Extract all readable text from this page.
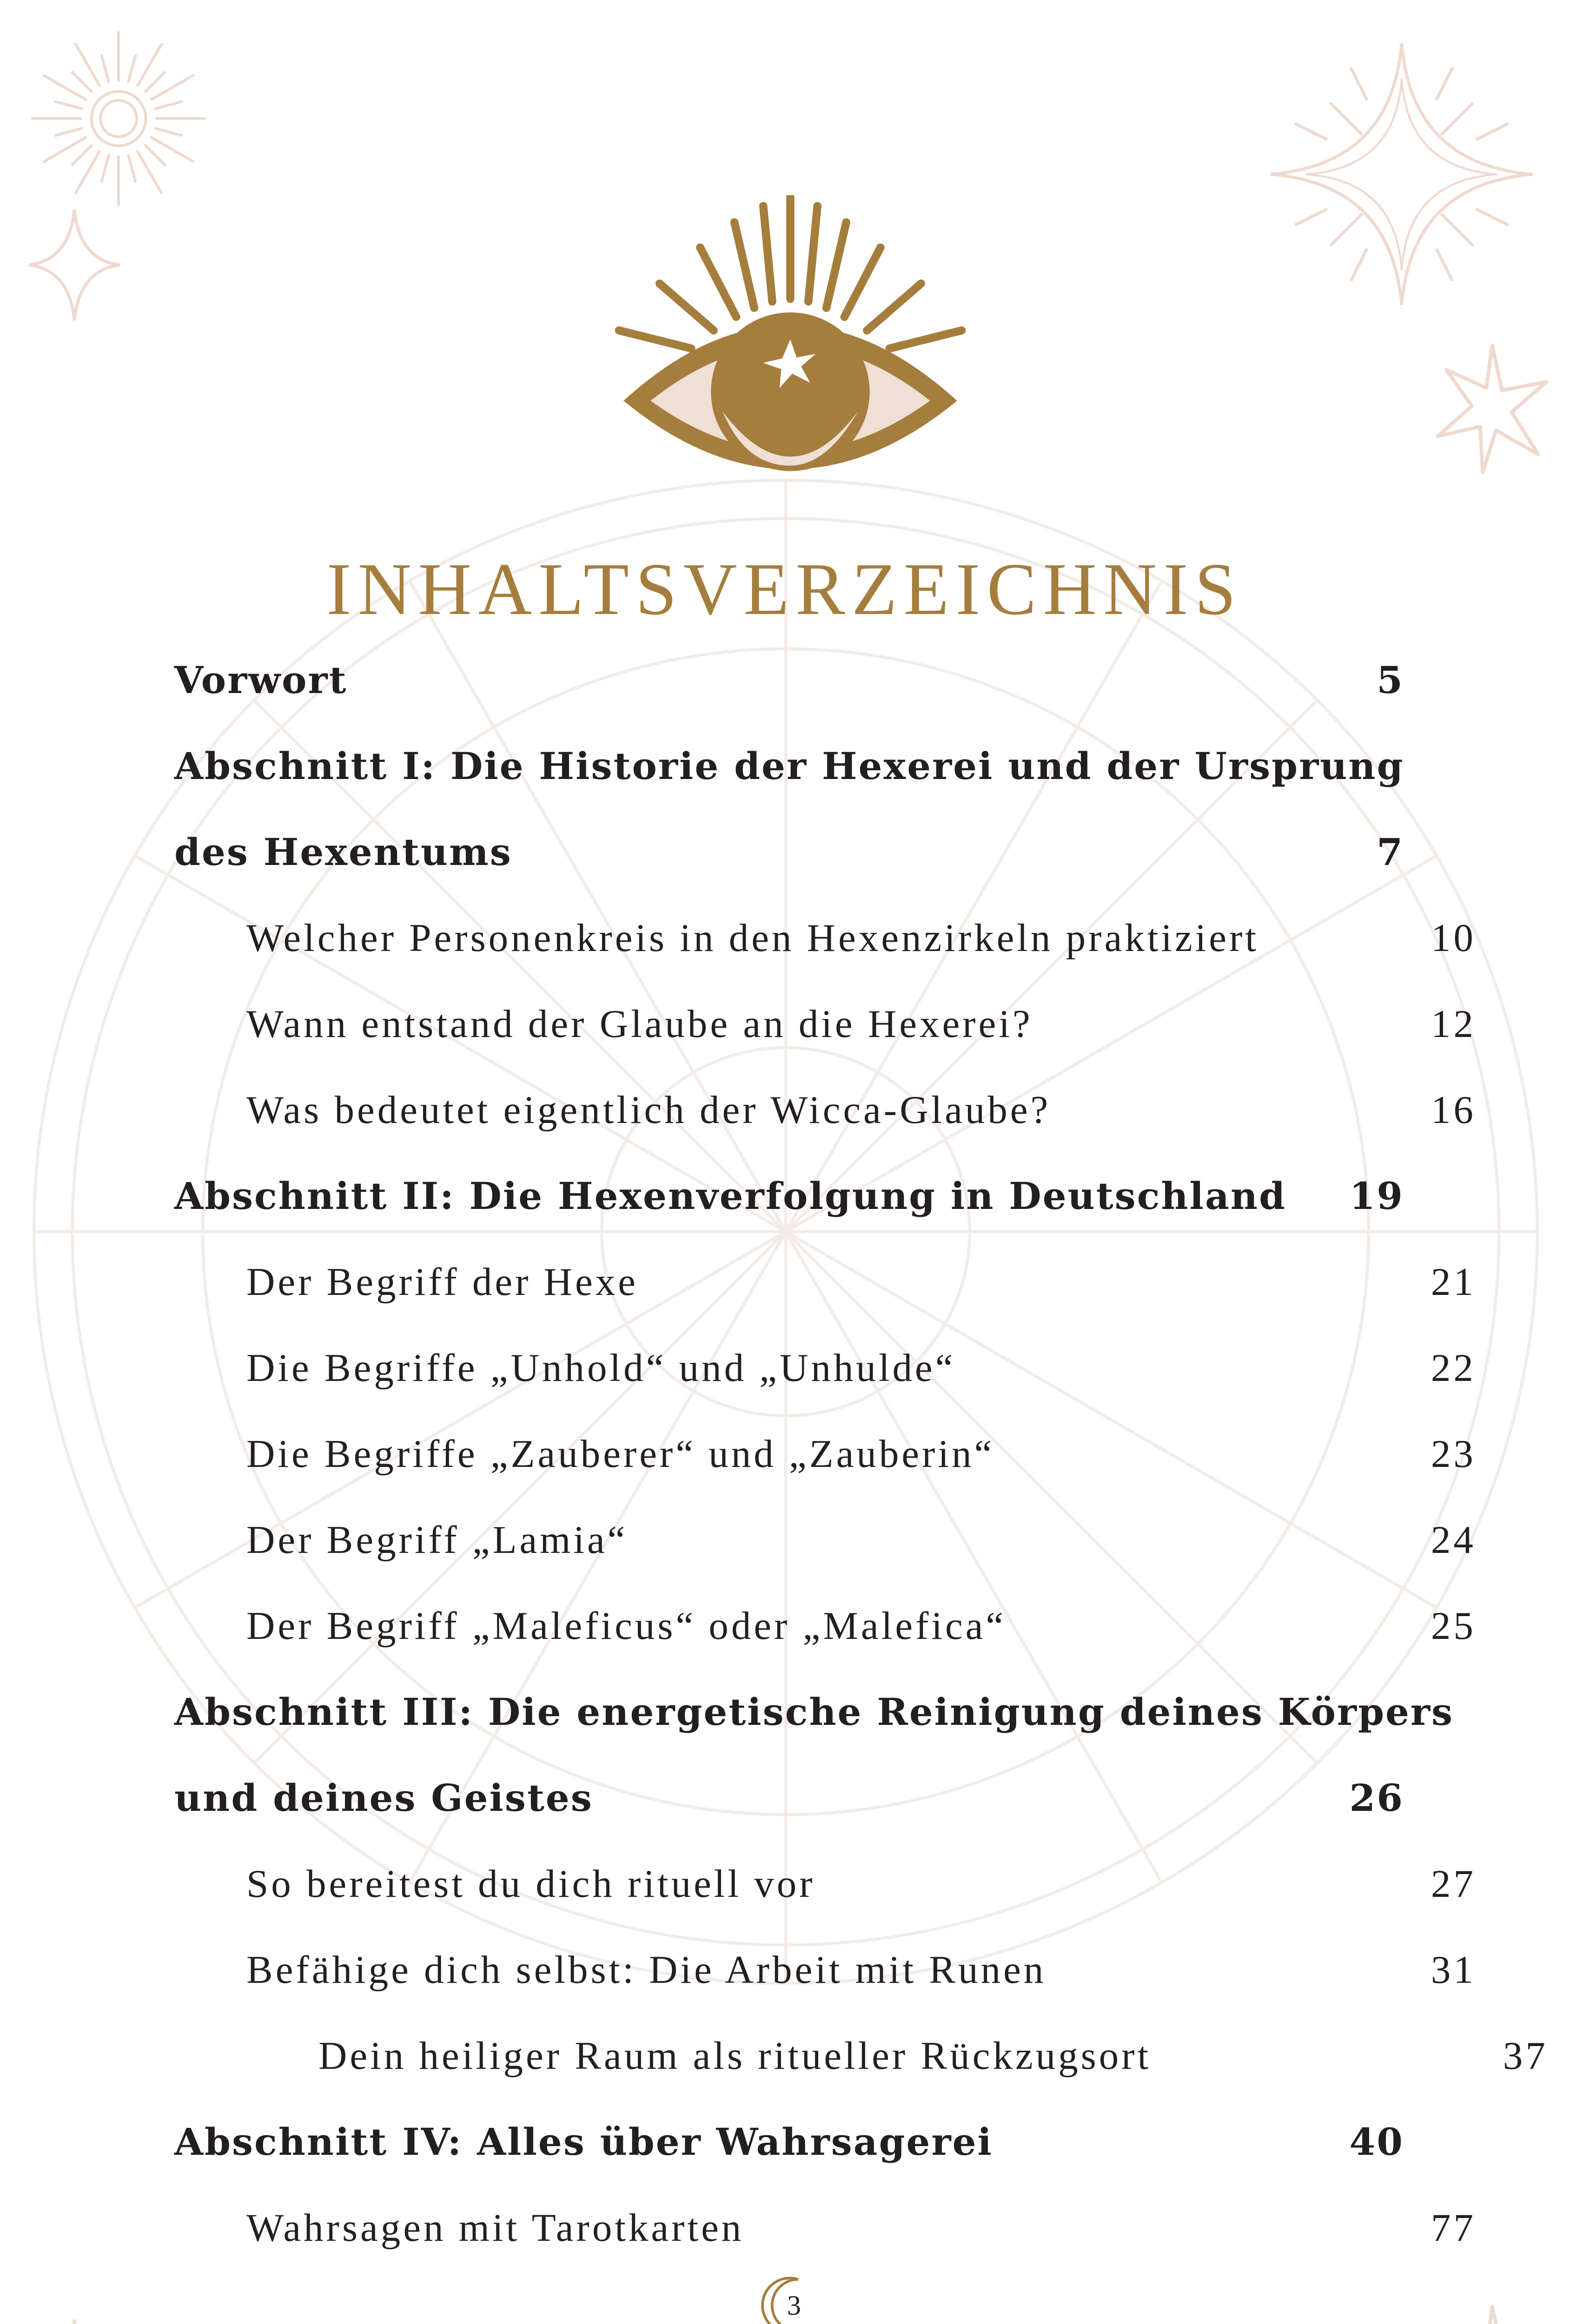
INHALTSVERZEICHNIS
Vorwort	5
Abschnitt I: Die Historie der Hexerei und der Ursprung
des Hexentums	7
Welcher Personenkreis in den Hexenzirkeln praktiziert	10
Wann entstand der Glaube an die Hexerei?	12
Was bedeutet eigentlich der Wicca-Glaube?	16
Abschnitt II: Die Hexenverfolgung in Deutschland	19
Der Begriff der Hexe	21
Die Begriffe „Unhold“ und „Unhulde“	22
Die Begriffe „Zauberer“ und „Zauberin“	23
Der Begriff „Lamia“	24
Der Begriff „Maleficus“ oder „Malefica“	25
Abschnitt III: Die energetische Reinigung deines Körpers
und deines Geistes	26
So bereitest du dich rituell vor	27
Befähige dich selbst: Die Arbeit mit Runen	31
Dein heiliger Raum als ritueller Rückzugsort	37
Abschnitt IV: Alles über Wahrsagerei	40
Wahrsagen mit Tarotkarten	77
3
